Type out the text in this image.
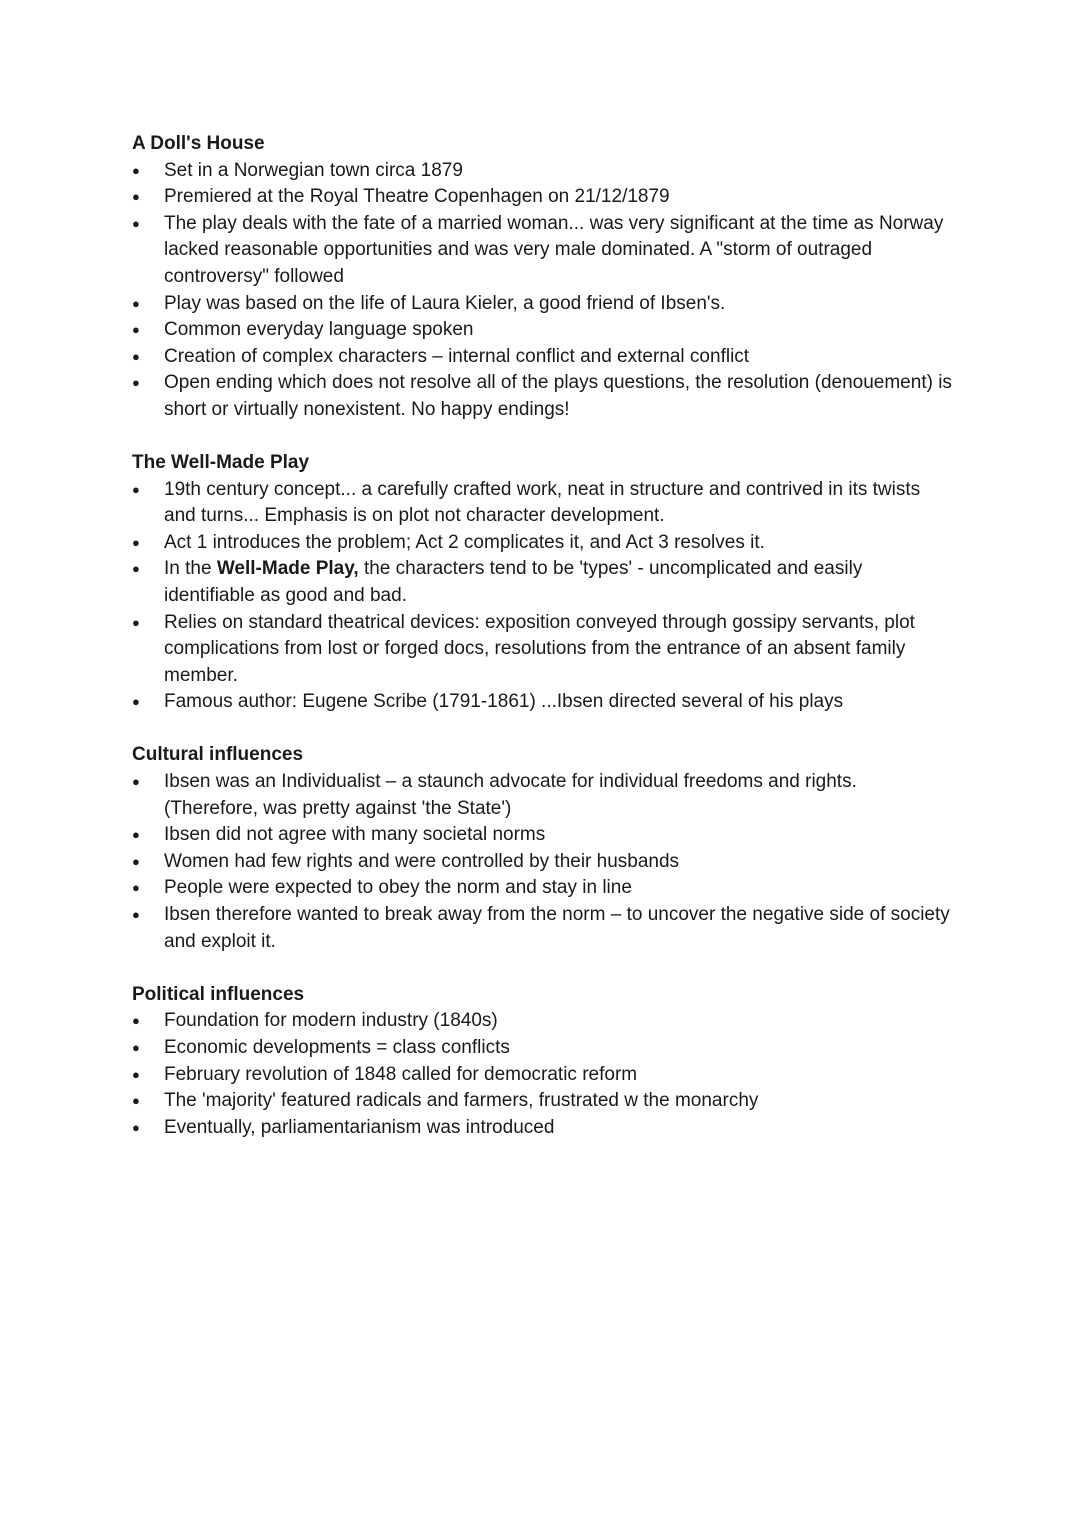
A Doll's House
● Set in a Norwegian town circa 1879
● Premiered at the Royal Theatre Copenhagen on 21/12/1879
● The play deals with the fate of a married woman... was very significant at the time as Norway lacked reasonable opportunities and was very male dominated. A "storm of outraged controversy" followed
● Play was based on the life of Laura Kieler, a good friend of Ibsen's.
● Common everyday language spoken
● Creation of complex characters – internal conflict and external conflict
● Open ending which does not resolve all of the plays questions, the resolution (denouement) is short or virtually nonexistent. No happy endings!
The Well-Made Play
● 19th century concept... a carefully crafted work, neat in structure and contrived in its twists and turns... Emphasis is on plot not character development.
● Act 1 introduces the problem; Act 2 complicates it, and Act 3 resolves it.
● In the Well-Made Play, the characters tend to be 'types' - uncomplicated and easily identifiable as good and bad.
● Relies on standard theatrical devices: exposition conveyed through gossipy servants, plot complications from lost or forged docs, resolutions from the entrance of an absent family member.
● Famous author: Eugene Scribe (1791-1861) ...Ibsen directed several of his plays
Cultural influences
● Ibsen was an Individualist – a staunch advocate for individual freedoms and rights. (Therefore, was pretty against 'the State')
● Ibsen did not agree with many societal norms
● Women had few rights and were controlled by their husbands
● People were expected to obey the norm and stay in line
● Ibsen therefore wanted to break away from the norm – to uncover the negative side of society and exploit it.
Political influences
● Foundation for modern industry (1840s)
● Economic developments = class conflicts
● February revolution of 1848 called for democratic reform
● The 'majority' featured radicals and farmers, frustrated w the monarchy
● Eventually, parliamentarianism was introduced
